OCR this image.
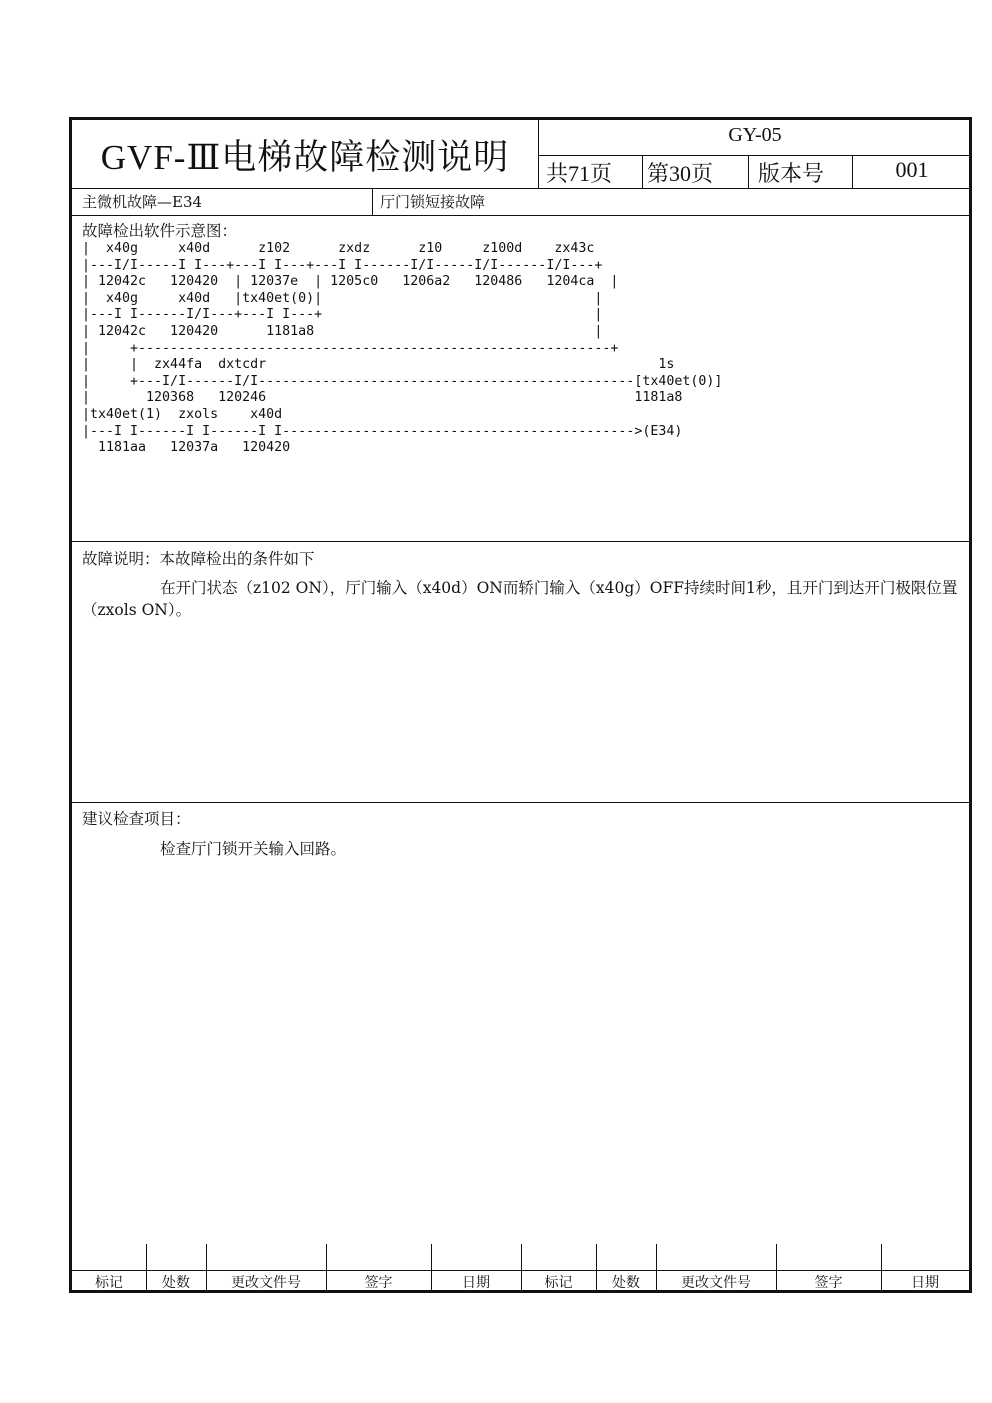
GVF-Ⅲ电梯故障检测说明
GY-05
共71页 第30页 版本号	001
主微机故障—E34	厅门锁短接故障
故障检出软件示意图：
|  x40g     x40d      z102      zxdz      z10     z100d    zx43c
|---I/I-----I I---+---I I---+---I I------I/I-----I/I------I/I---+
| 12042c   120420  | 12037e  | 1205c0   1206a2   120486   1204ca  |
|  x40g     x40d   |tx40et(0)|                                  |
|---I I------I/I---+---I I---+                                  |
| 12042c   120420      1181a8                                   |
|     +-----------------------------------------------------------+
|     |  zx44fa  dxtcdr                                                 1s
|     +---I/I------I/I-----------------------------------------------[tx40et(0)]
|       120368   120246                                              1181a8
|tx40et(1)  zxols    x40d
|---I I------I I------I I-------------------------------------------->(E34)
1181aa   12037a   120420
故障说明：本故障检出的条件如下
在开门状态（z102 ON），厅门输入（x40d）ON而轿门输入（x40g）OFF持续时间1秒，且开门到达开门极限位置（zxols ON）。
建议检查项目：
检查厅门锁开关输入回路。
标记	处数	更改文件号	签字	日期	标记	处数	更改文件号	签字	日期
